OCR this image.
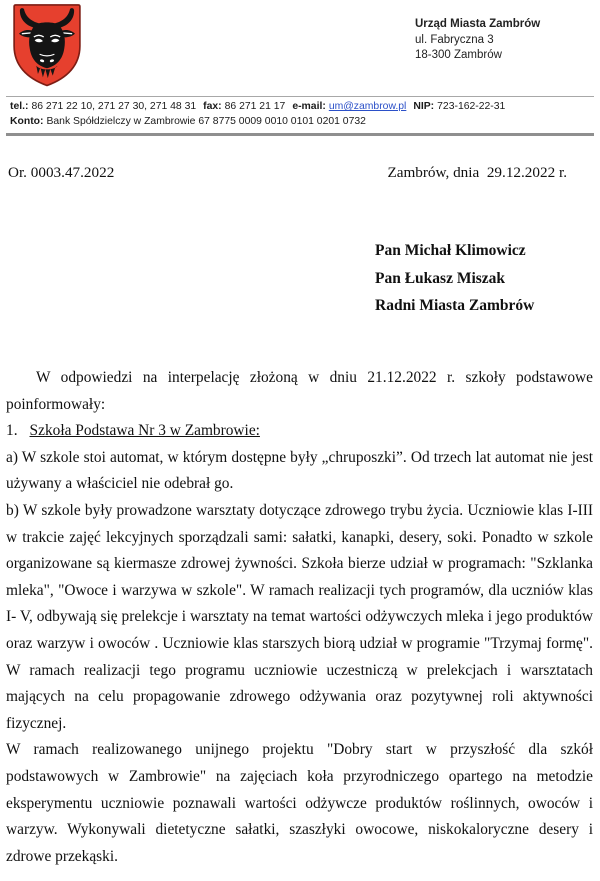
Urząd Miasta Zambrów
ul. Fabryczna 3
18-300 Zambrów
tel.: 86 271 22 10, 271 27 30, 271 48 31 fax: 86 271 21 17 e-mail: um@zambrow.pl NIP: 723-162-22-31
Konto: Bank Spółdzielczy w Zambrowie 67 8775 0009 0010 0101 0201 0732
Or. 0003.47.2022	Zambrów, dnia  29.12.2022 r.
Pan Michał Klimowicz
Pan Łukasz Miszak
Radni Miasta Zambrów

W odpowiedzi na interpelację złożoną w dniu 21.12.2022 r. szkoły podstawowe poinformowały:

1. Szkoła Podstawa Nr 3 w Zambrowie:

a) W szkole stoi automat, w którym dostępne były „chruposzki”. Od trzech lat automat nie jest używany a właściciel nie odebrał go.

b) W szkole były prowadzone warsztaty dotyczące zdrowego trybu życia. Uczniowie klas I-III w trakcie zajęć lekcyjnych sporządzali sami: sałatki, kanapki, desery, soki. Ponadto w szkole organizowane są kiermasze zdrowej żywności. Szkoła bierze udział w programach: "Szklanka mleka", "Owoce i warzywa w szkole". W ramach realizacji tych programów, dla uczniów klas I- V, odbywają się prelekcje i warsztaty na temat wartości odżywczych mleka i jego produktów oraz warzyw i owoców . Uczniowie klas starszych biorą udział w programie "Trzymaj formę". W ramach realizacji tego programu uczniowie uczestniczą w prelekcjach i warsztatach mających na celu propagowanie zdrowego odżywania oraz pozytywnej roli aktywności fizycznej.

W ramach realizowanego unijnego projektu "Dobry start w przyszłość dla szkół podstawowych w Zambrowie" na zajęciach koła przyrodniczego opartego na metodzie eksperymentu uczniowie poznawali wartości odżywcze produktów roślinnych, owoców i warzyw. Wykonywali dietetyczne sałatki, szaszłyki owocowe, niskokaloryczne desery i zdrowe przekąski.
